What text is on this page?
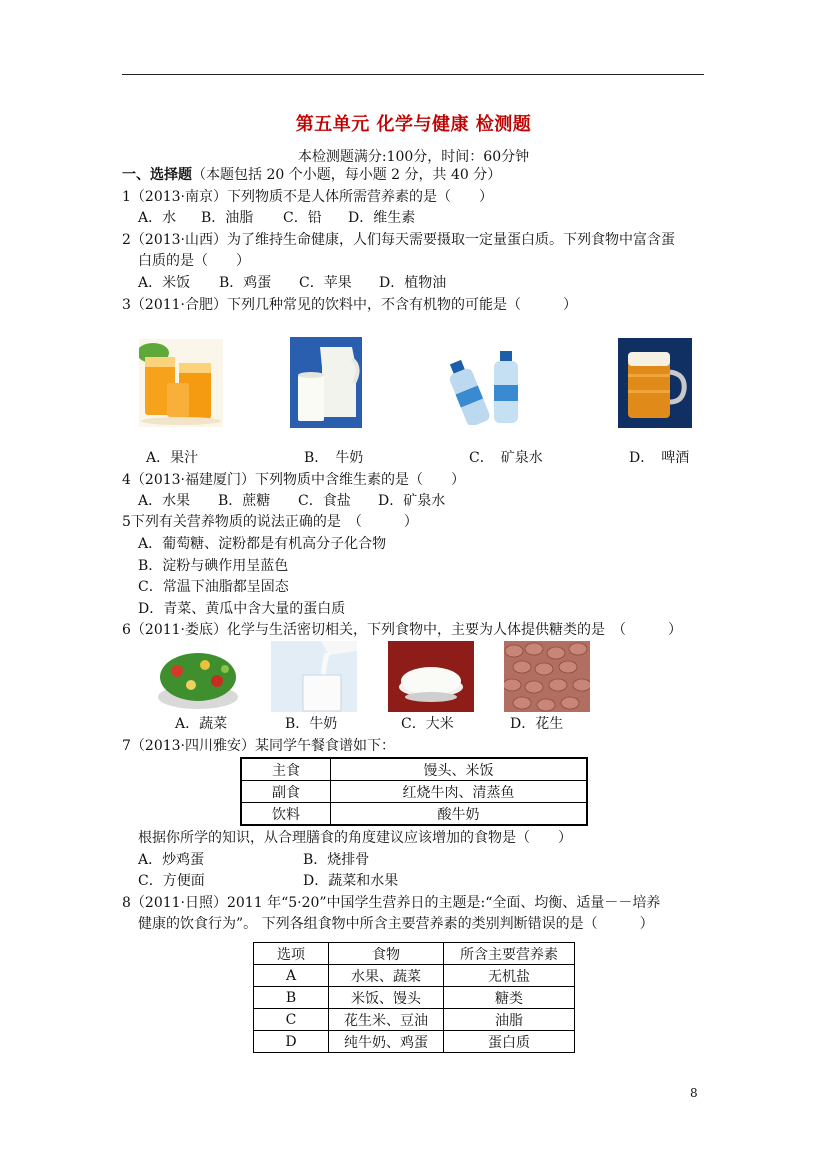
第五单元 化学与健康 检测题
本检测题满分:100分，时间：60分钟
一、选择题（本题包括 20 个小题，每小题 2 分，共 40 分）
1（2013·南京）下列物质不是人体所需营养素的是（　　）
A．水 B．油脂 C．铅 D．维生素
2（2013·山西）为了维持生命健康，人们每天需要摄取一定量蛋白质。下列食物中富含蛋
白质的是（　　）
A．米饭 B．鸡蛋 C．苹果 D．植物油
3（2011·合肥）下列几种常见的饮料中，不含有机物的可能是（　　　）
A．果汁	B．　牛奶	C．　矿泉水	D．　啤酒
4（2013·福建厦门）下列物质中含维生素的是（　　）
A．水果 B．蔗糖 C．食盐 D．矿泉水
5下列有关营养物质的说法正确的是　（　　　）
A．葡萄糖、淀粉都是有机高分子化合物
B．淀粉与碘作用呈蓝色
C．常温下油脂都呈固态
D．青菜、黄瓜中含大量的蛋白质
6（2011·娄底）化学与生活密切相关，下列食物中，主要为人体提供糖类的是　（　　　）
A．蔬菜	B．牛奶	C．大米	D．花生
7（2013·四川雅安）某同学午餐食谱如下：
主食	馒头、米饭
副食	红烧牛肉、清蒸鱼
饮料	酸牛奶
根据你所学的知识，从合理膳食的角度建议应该增加的食物是（　　）
A．炒鸡蛋	B．烧排骨
C．方便面	D．蔬菜和水果
8（2011·日照）2011 年“5·20”中国学生营养日的主题是:“全面、均衡、适量－－培养
健康的饮食行为”。 下列各组食物中所含主要营养素的类别判断错误的是（　　　）
选项	食物	所含主要营养素
A	水果、蔬菜	无机盐
B	米饭、馒头	糖类
C	花生米、豆油	油脂
D	纯牛奶、鸡蛋	蛋白质
8
